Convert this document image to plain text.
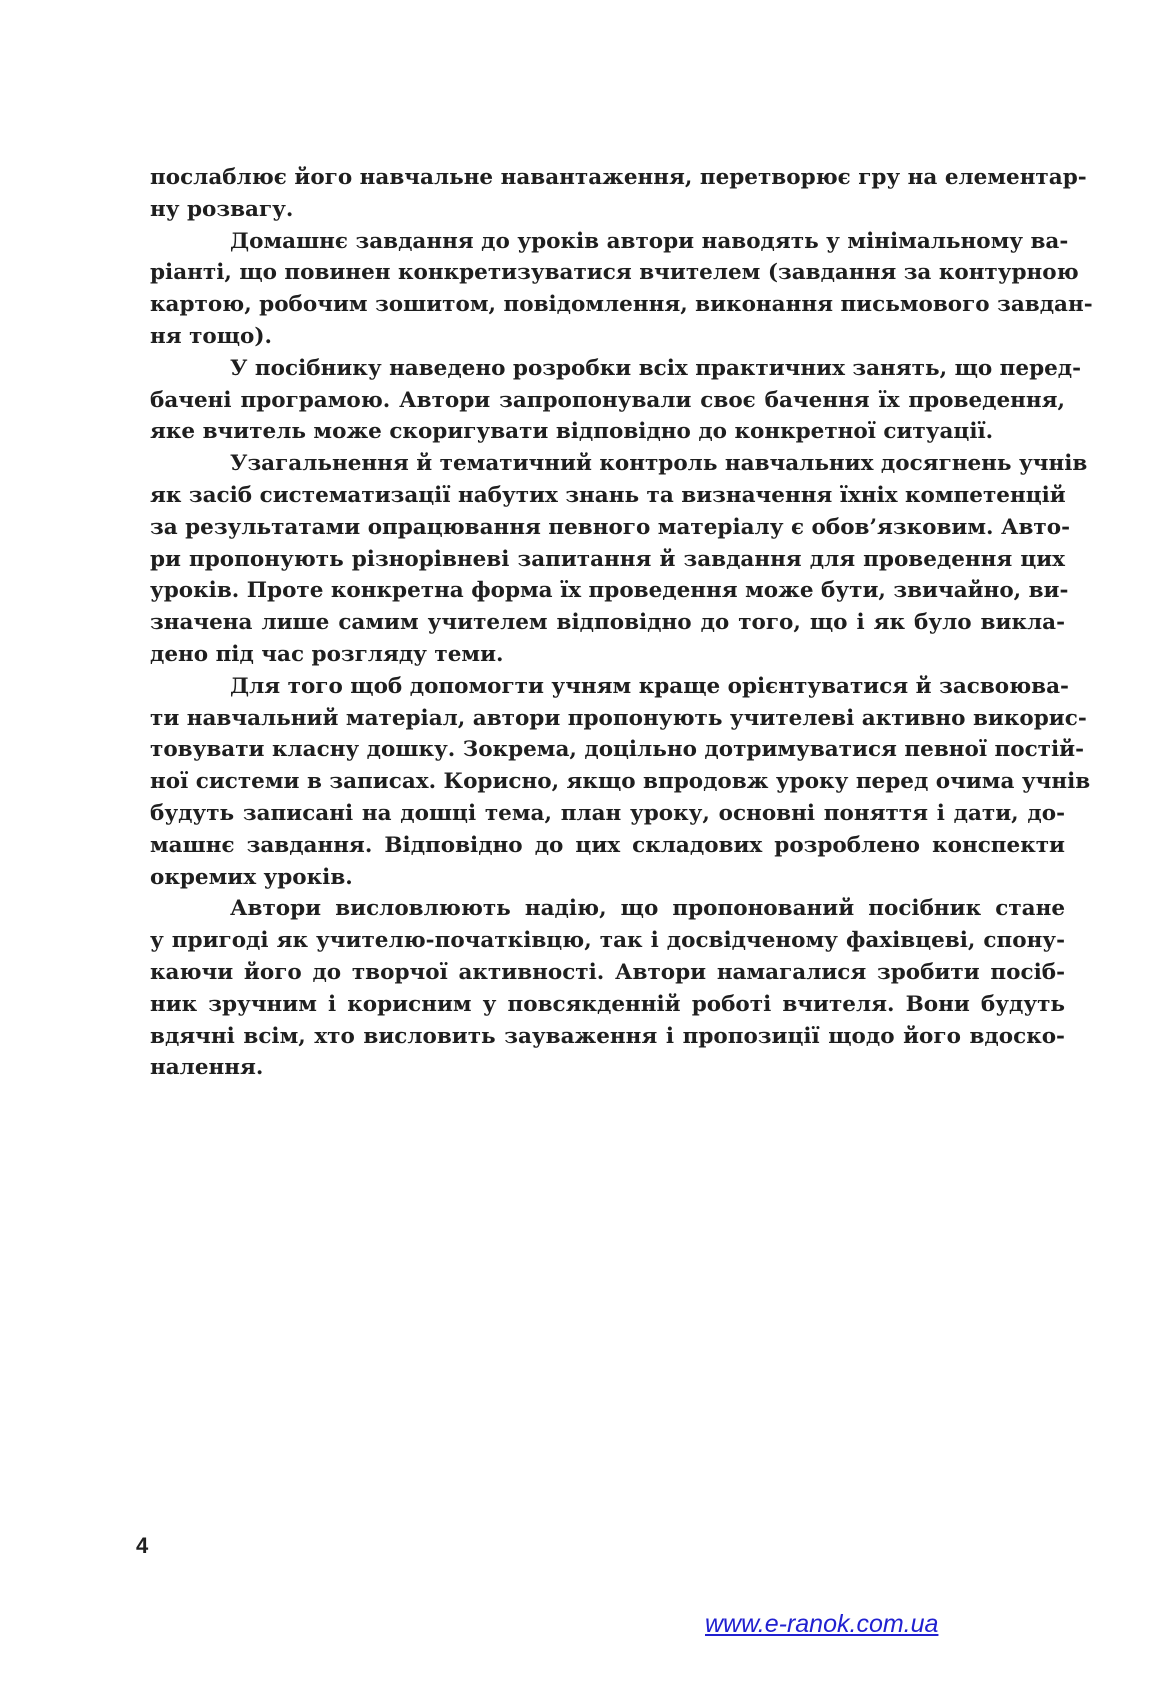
послаблює його навчальне навантаження, перетворює гру на елементар-
ну розвагу.

Домашнє завдання до уроків автори наводять у мінімальному ва-
ріанті, що повинен конкретизуватися вчителем (завдання за контурною
картою, робочим зошитом, повідомлення, виконання письмового завдан-
ня тощо).

У посібнику наведено розробки всіх практичних занять, що перед-
бачені програмою. Автори запропонували своє бачення їх проведення,
яке вчитель може скоригувати відповідно до конкретної ситуації.

Узагальнення й тематичний контроль навчальних досягнень учнів
як засіб систематизації набутих знань та визначення їхніх компетенцій
за результатами опрацювання певного матеріалу є обов’язковим. Авто-
ри пропонують різнорівневі запитання й завдання для проведення цих
уроків. Проте конкретна форма їх проведення може бути, звичайно, ви-
значена лише самим учителем відповідно до того, що і як було викла-
дено під час розгляду теми.

Для того щоб допомогти учням краще орієнтуватися й засвоюва-
ти навчальний матеріал, автори пропонують учителеві активно викорис-
товувати класну дошку. Зокрема, доцільно дотримуватися певної постій-
ної системи в записах. Корисно, якщо впродовж уроку перед очима учнів
будуть записані на дошці тема, план уроку, основні поняття і дати, до-
машнє завдання. Відповідно до цих складових розроблено конспекти
окремих уроків.

Автори висловлюють надію, що пропонований посібник стане
у пригоді як учителю-початківцю, так і досвідченому фахівцеві, спону-
каючи його до творчої активності. Автори намагалися зробити посіб-
ник зручним і корисним у повсякденній роботі вчителя. Вони будуть
вдячні всім, хто висловить зауваження і пропозиції щодо його вдоско-
налення.

4
www.e-ranok.com.ua
